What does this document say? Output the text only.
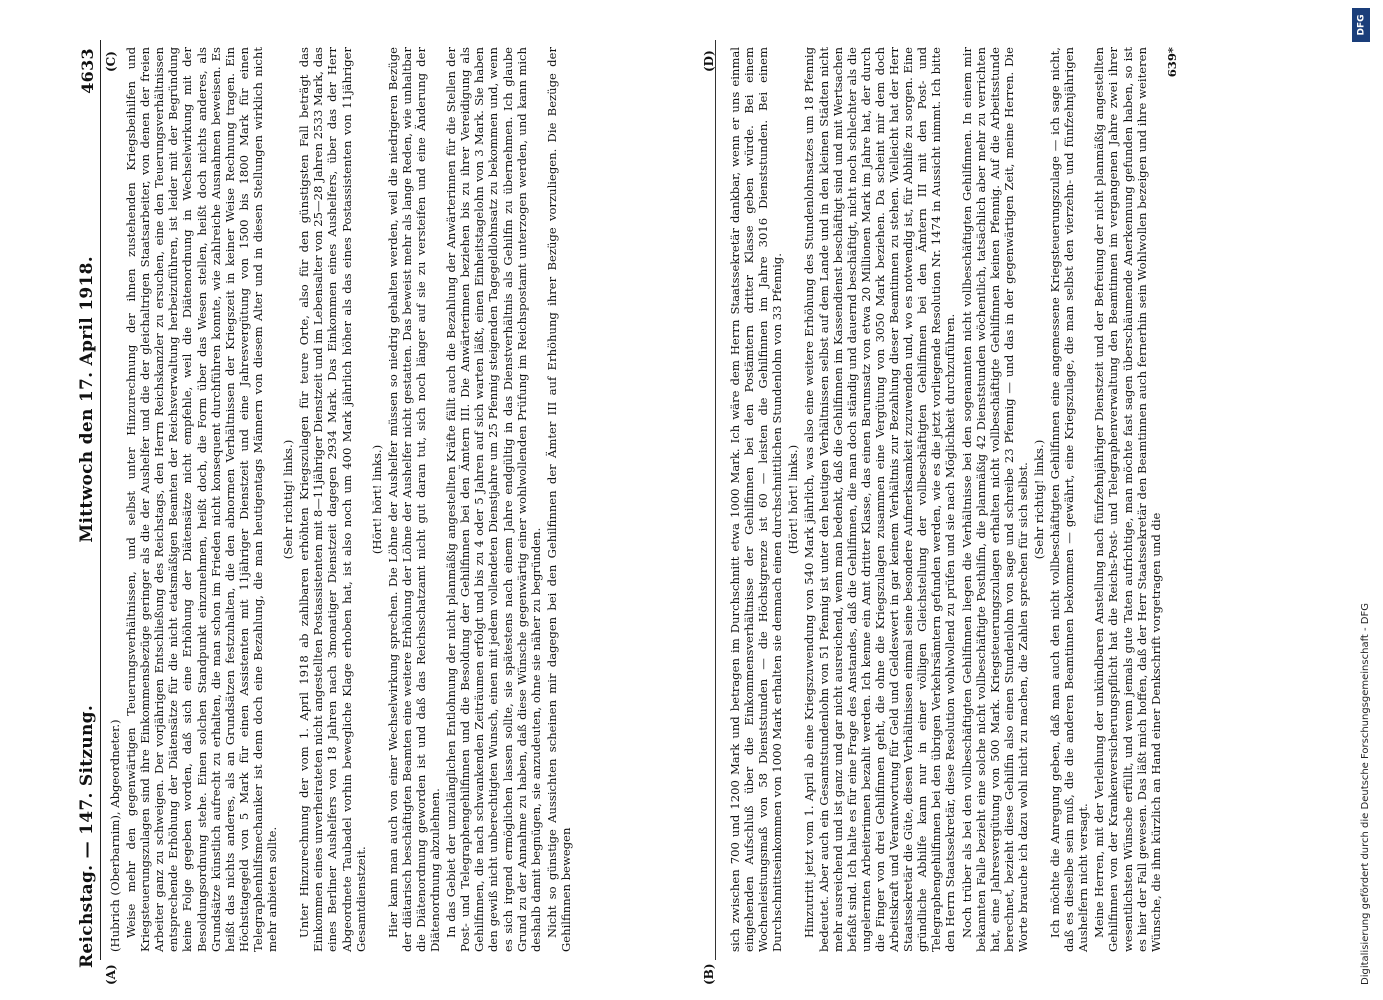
Reichstag. — 147. Sitzung.
Mittwoch den 17. April 1918.
4633

(Hubrich (Oberbarnim), Abgeordneter.) Weise mehr den gegenwärtigen Teuerungsverhältnissen, und selbst unter Hinzurechnung der ihnen zustehenden Kriegsbeihilfen und Kriegsteuerungszulagen sind ihre Einkommensbezüge geringer als die der Aushelfer und die der gleichaltrigen Staatsarbeiter, von denen der freien Arbeiter ganz zu schweigen. Der vorjährigen Entschließung des Reichstags, den Herrn Reichskanzler zu ersuchen, eine den Teuerungsverhältnissen entsprechende Erhöhung der Diätensätze für die nicht etatsmäßigen Beamten der Reichsverwaltung herbeizuführen, ist leider mit der Begründung keine Folge gegeben worden, daß sich eine Erhöhung der Diätensätze nicht empfehle, weil die Diätenordnung in Wechselwirkung mit der Besoldungsordnung stehe. Einen solchen Standpunkt einzunehmen, heißt doch, die Form über das Wesen stellen, heißt doch nichts anderes, als Grundsätze künstlich aufrecht zu erhalten, die man schon im Frieden nicht konsequent durchführen konnte, wie zahlreiche Ausnahmen beweisen. Es heißt das nichts anderes, als an Grundsätzen festzuhalten, die den abnormen Verhältnissen der Kriegszeit in keiner Weise Rechnung tragen. Ein Höchsttagegeld von 5 Mark für einen Assistenten mit 11jähriger Dienstzeit und eine Jahresvergütung von 1500 bis 1800 Mark für einen Telegraphenhilfsmechaniker ist denn doch eine Bezahlung, die man heutigentags Männern von diesem Alter und in diesen Stellungen wirklich nicht mehr anbieten sollte.

(Sehr richtig! links.) Unter Hinzurechnung der vom 1. April 1918 ab zahlbaren erhöhten Kriegszulagen für teure Orte, also für den günstigsten Fall beträgt das Einkommen eines unverheirateten nicht angestellten Postassistenten mit 8—11jähriger Dienstzeit und im Lebensalter von 25—28 Jahren 2533 Mark, das eines Berliner Aushelfers von 18 Jahren nach 3monatiger Dienstzeit dagegen 2934 Mark. Das Einkommen eines Aushelfers, über das der Herr Abgeordnete Taubadel vorhin bewegliche Klage erhoben hat, ist also noch um 400 Mark jährlich höher als das eines Postassistenten von 11jähriger Gesamtdienstzeit.

(Hört! hört! links.) Hier kann man auch von einer Wechselwirkung sprechen. Die Löhne der Aushelfer müssen so niedrig gehalten werden, weil die niedrigeren Bezüge der diätarisch beschäftigten Beamten eine weitere Erhöhung der Löhne der Aushelfer nicht gestatten. Das beweist mehr als lange Reden, wie unhaltbar die Diätenordnung geworden ist und daß das Reichsschatzamt nicht gut daran tut, sich noch länger auf sie zu versteifen und eine Änderung der Diätenordnung abzulehnen. In das Gebiet der unzulänglichen Entlohnung der nicht planmäßig angestellten Kräfte fällt auch die Bezahlung der Anwärterinnen für die Stellen der Post- und Telegraphengehilfinnen und die Besoldung der Gehilfinnen bei den Ämtern III. Die Anwärterinnen beziehen bis zu ihrer Vereidigung als Gehilfinnen, die nach schwankenden Zeiträumen erfolgt und bis zu 4 oder 5 Jahren auf sich warten läßt, einen Einheitstagelohn von 3 Mark. Sie haben den gewiß nicht unberechtigten Wunsch, einen mit jedem vollendeten Dienstjahre um 25 Pfennig steigenden Tagegeldlohnsatz zu bekommen und, wenn es sich irgend ermöglichen lassen sollte, sie spätestens nach einem Jahre endgültig in das Dienstverhältnis als Gehilfin zu übernehmen. Ich glaube Grund zu der Annahme zu haben, daß diese Wünsche gegenwärtig einer wohlwollenden Prüfung im Reichspostamt unterzogen werden, und kann mich deshalb damit begnügen, sie anzudeuten, ohne sie näher zu begründen. Nicht so günstige Aussichten scheinen mir dagegen bei den Gehilfinnen der Ämter III auf Erhöhung ihrer Bezüge vorzuliegen. Die Bezüge der Gehilfinnen bewegen	sich zwischen 700 und 1200 Mark und betragen im Durchschnitt etwa 1000 Mark. Ich wäre dem Herrn Staatssekretär dankbar, wenn er uns einmal eingehenden Aufschluß über die Einkommensverhältnisse der Gehilfinnen bei den Postämtern dritter Klasse geben würde. Bei einem Wochenleistungsmaß von 58 Dienststunden — die Höchstgrenze ist 60 — leisten die Gehilfinnen im Jahre 3016 Dienststunden. Bei einem Durchschnittseinkommen von 1000 Mark erhalten sie demnach einen durchschnittlichen Stundenlohn von 33 Pfennig. (Hört! hört! links.) Hinzutritt jetzt vom 1. April ab eine Kriegszuwendung von 540 Mark jährlich, was also eine weitere Erhöhung des Stundenlohnsatzes um 18 Pfennig bedeutet. Aber auch ein Gesamtstundenlohn von 51 Pfennig ist unter den heutigen Verhältnissen selbst auf dem Lande und in den kleinen Städten nicht mehr ausreichend und ist ganz und gar nicht ausreichend, wenn man bedenkt, daß die Gehilfinnen im Kassendienst beschäftigt sind und mit Wertsachen befaßt sind. Ich halte es für eine Frage des Anstandes, daß die Gehilfinnen, die man doch ständig und dauernd beschäftigt, nicht noch schlechter als die ungelernten Arbeiterinnen bezahlt werden. Ich kenne ein Amt dritter Klasse, das einen Barumsatz von etwa 20 Millionen Mark im Jahre hat, der durch die Finger von drei Gehilfinnen geht, die ohne die Kriegszulagen zusammen eine Vergütung von 3050 Mark beziehen. Da scheint mir dem doch Arbeitskraft und Verantwortung für Geld und Geldeswert in gar keinem Verhältnis zur Bezahlung dieser Beamtinnen zu stehen. Vielleicht hat der Herr Staatssekretär die Güte, diesen Verhältnissen einmal seine besondere Aufmerksamkeit zuzuwenden und, wo es notwendig ist, für Abhilfe zu sorgen. Eine gründliche Abhilfe kann nur in einer völligen Gleichstellung der vollbeschäftigten Gehilfinnen bei den Ämtern III mit den Post- und Telegraphengehilfinnen bei den übrigen Verkehrsämtern gefunden werden, wie es die jetzt vorliegende Resolution Nr. 1474 in Aussicht nimmt. Ich bitte den Herrn Staatssekretär, diese Resolution wohlwollend zu prüfen und sie nach Möglichkeit durchzuführen. Noch trüber als bei den vollbeschäftigten Gehilfinnen liegen die Verhältnisse bei den sogenannten nicht vollbeschäftigten Gehilfinnen. In einem mir bekannten Falle bezieht eine solche nicht vollbeschäftigte Posthilfin, die planmäßig 42 Dienststunden wöchentlich, tatsächlich aber mehr zu verrichten hat, eine Jahresvergütung von 500 Mark. Kriegsteuerungszulagen erhalten nicht vollbeschäftigte Gehilfinnen keinen Pfennig. Auf die Arbeitsstunde berechnet, bezieht diese Gehilfin also einen Stundenlohn von sage und schreibe 23 Pfennig — und das in der gegenwärtigen Zeit, meine Herren. Die Worte brauche ich dazu wohl nicht zu machen, die Zahlen sprechen für sich selbst. (Sehr richtig! links.) Ich möchte die Anregung geben, daß man auch den nicht vollbeschäftigten Gehilfinnen eine angemessene Kriegsteuerungszulage — ich sage nicht, daß es dieselbe sein muß, die die anderen Beamtinnen bekommen — gewährt, eine Kriegszulage, die man selbst den vierzehn- und fünfzehnjährigen Aushelfern nicht versagt. Meine Herren, mit der Verleihung der unkündbaren Anstellung nach fünfzehnjähriger Dienstzeit und der Befreiung der nicht planmäßig angestellten Gehilfinnen von der Krankenversicherungspflicht hat die Reichs-Post- und Telegraphenverwaltung den Beamtinnen im vergangenen Jahre zwei ihrer wesentlichsten Wünsche erfüllt, und wenn jemals gute Taten aufrichtige, man möchte fast sagen überschäumende Anerkennung gefunden haben, so ist es hier der Fall gewesen. Das läßt mich hoffen, daß der Herr Staatssekretär den Beamtinnen auch fernerhin sein Wohlwollen bezeigen und ihre weiteren Wünsche, die ihm kürzlich an Hand einer Denkschrift vorgetragen und die

639*

(A)	(B)
(C)	(D)
DFG
Digitalisierung gefördert durch die Deutsche Forschungsgemeinschaft - DFG
